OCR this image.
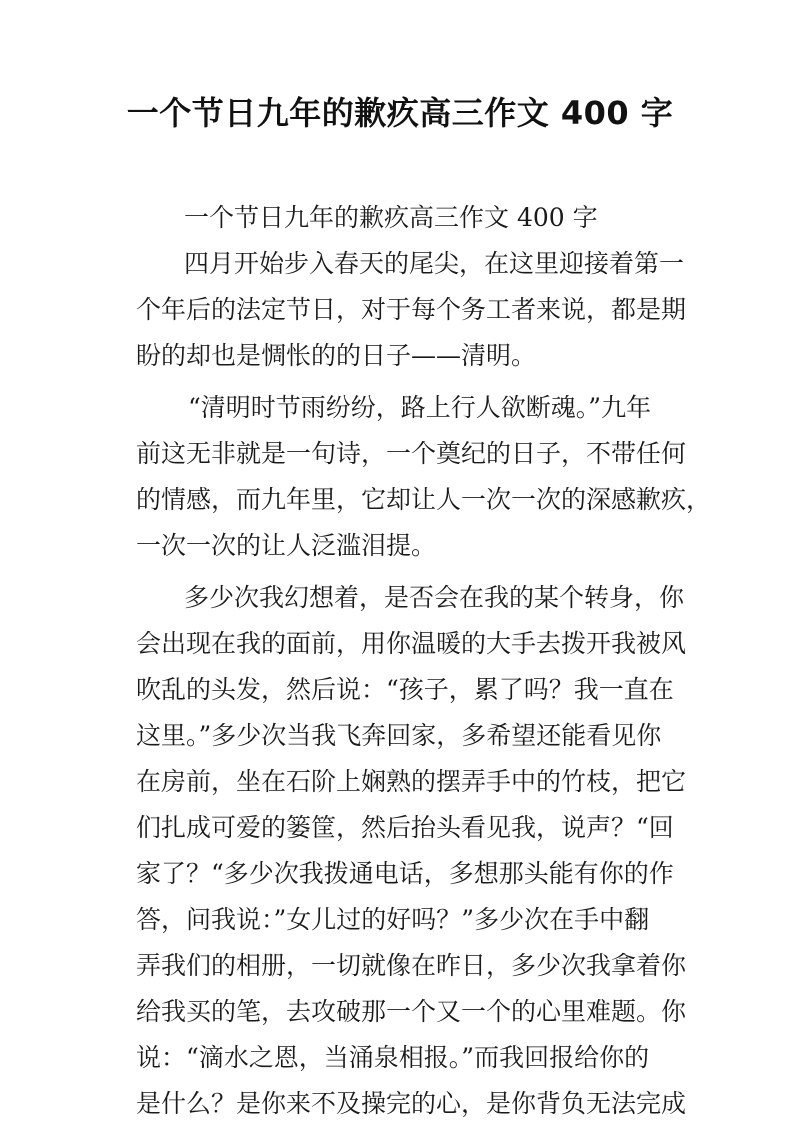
一个节日九年的歉疚高三作文 400 字
一个节日九年的歉疚高三作文 400 字
四月开始步入春天的尾尖，在这里迎接着第一
个年后的法定节日，对于每个务工者来说，都是期
盼的却也是惆怅的的日子——清明。
“清明时节雨纷纷，路上行人欲断魂。”九年
前这无非就是一句诗，一个奠纪的日子，不带任何
的情感，而九年里，它却让人一次一次的深感歉疚，
一次一次的让人泛滥泪提。
多少次我幻想着，是否会在我的某个转身，你
会出现在我的面前，用你温暖的大手去拨开我被风
吹乱的头发，然后说：“孩子，累了吗？我一直在
这里。”多少次当我飞奔回家，多希望还能看见你
在房前，坐在石阶上娴熟的摆弄手中的竹枝，把它
们扎成可爱的篓筐，然后抬头看见我，说声？“回
家了？“多少次我拨通电话，多想那头能有你的作
答，问我说：”女儿过的好吗？”多少次在手中翻
弄我们的相册，一切就像在昨日，多少次我拿着你
给我买的笔，去攻破那一个又一个的心里难题。你
说：“滴水之恩，当涌泉相报。”而我回报给你的
是什么？是你来不及操完的心，是你背负无法完成
